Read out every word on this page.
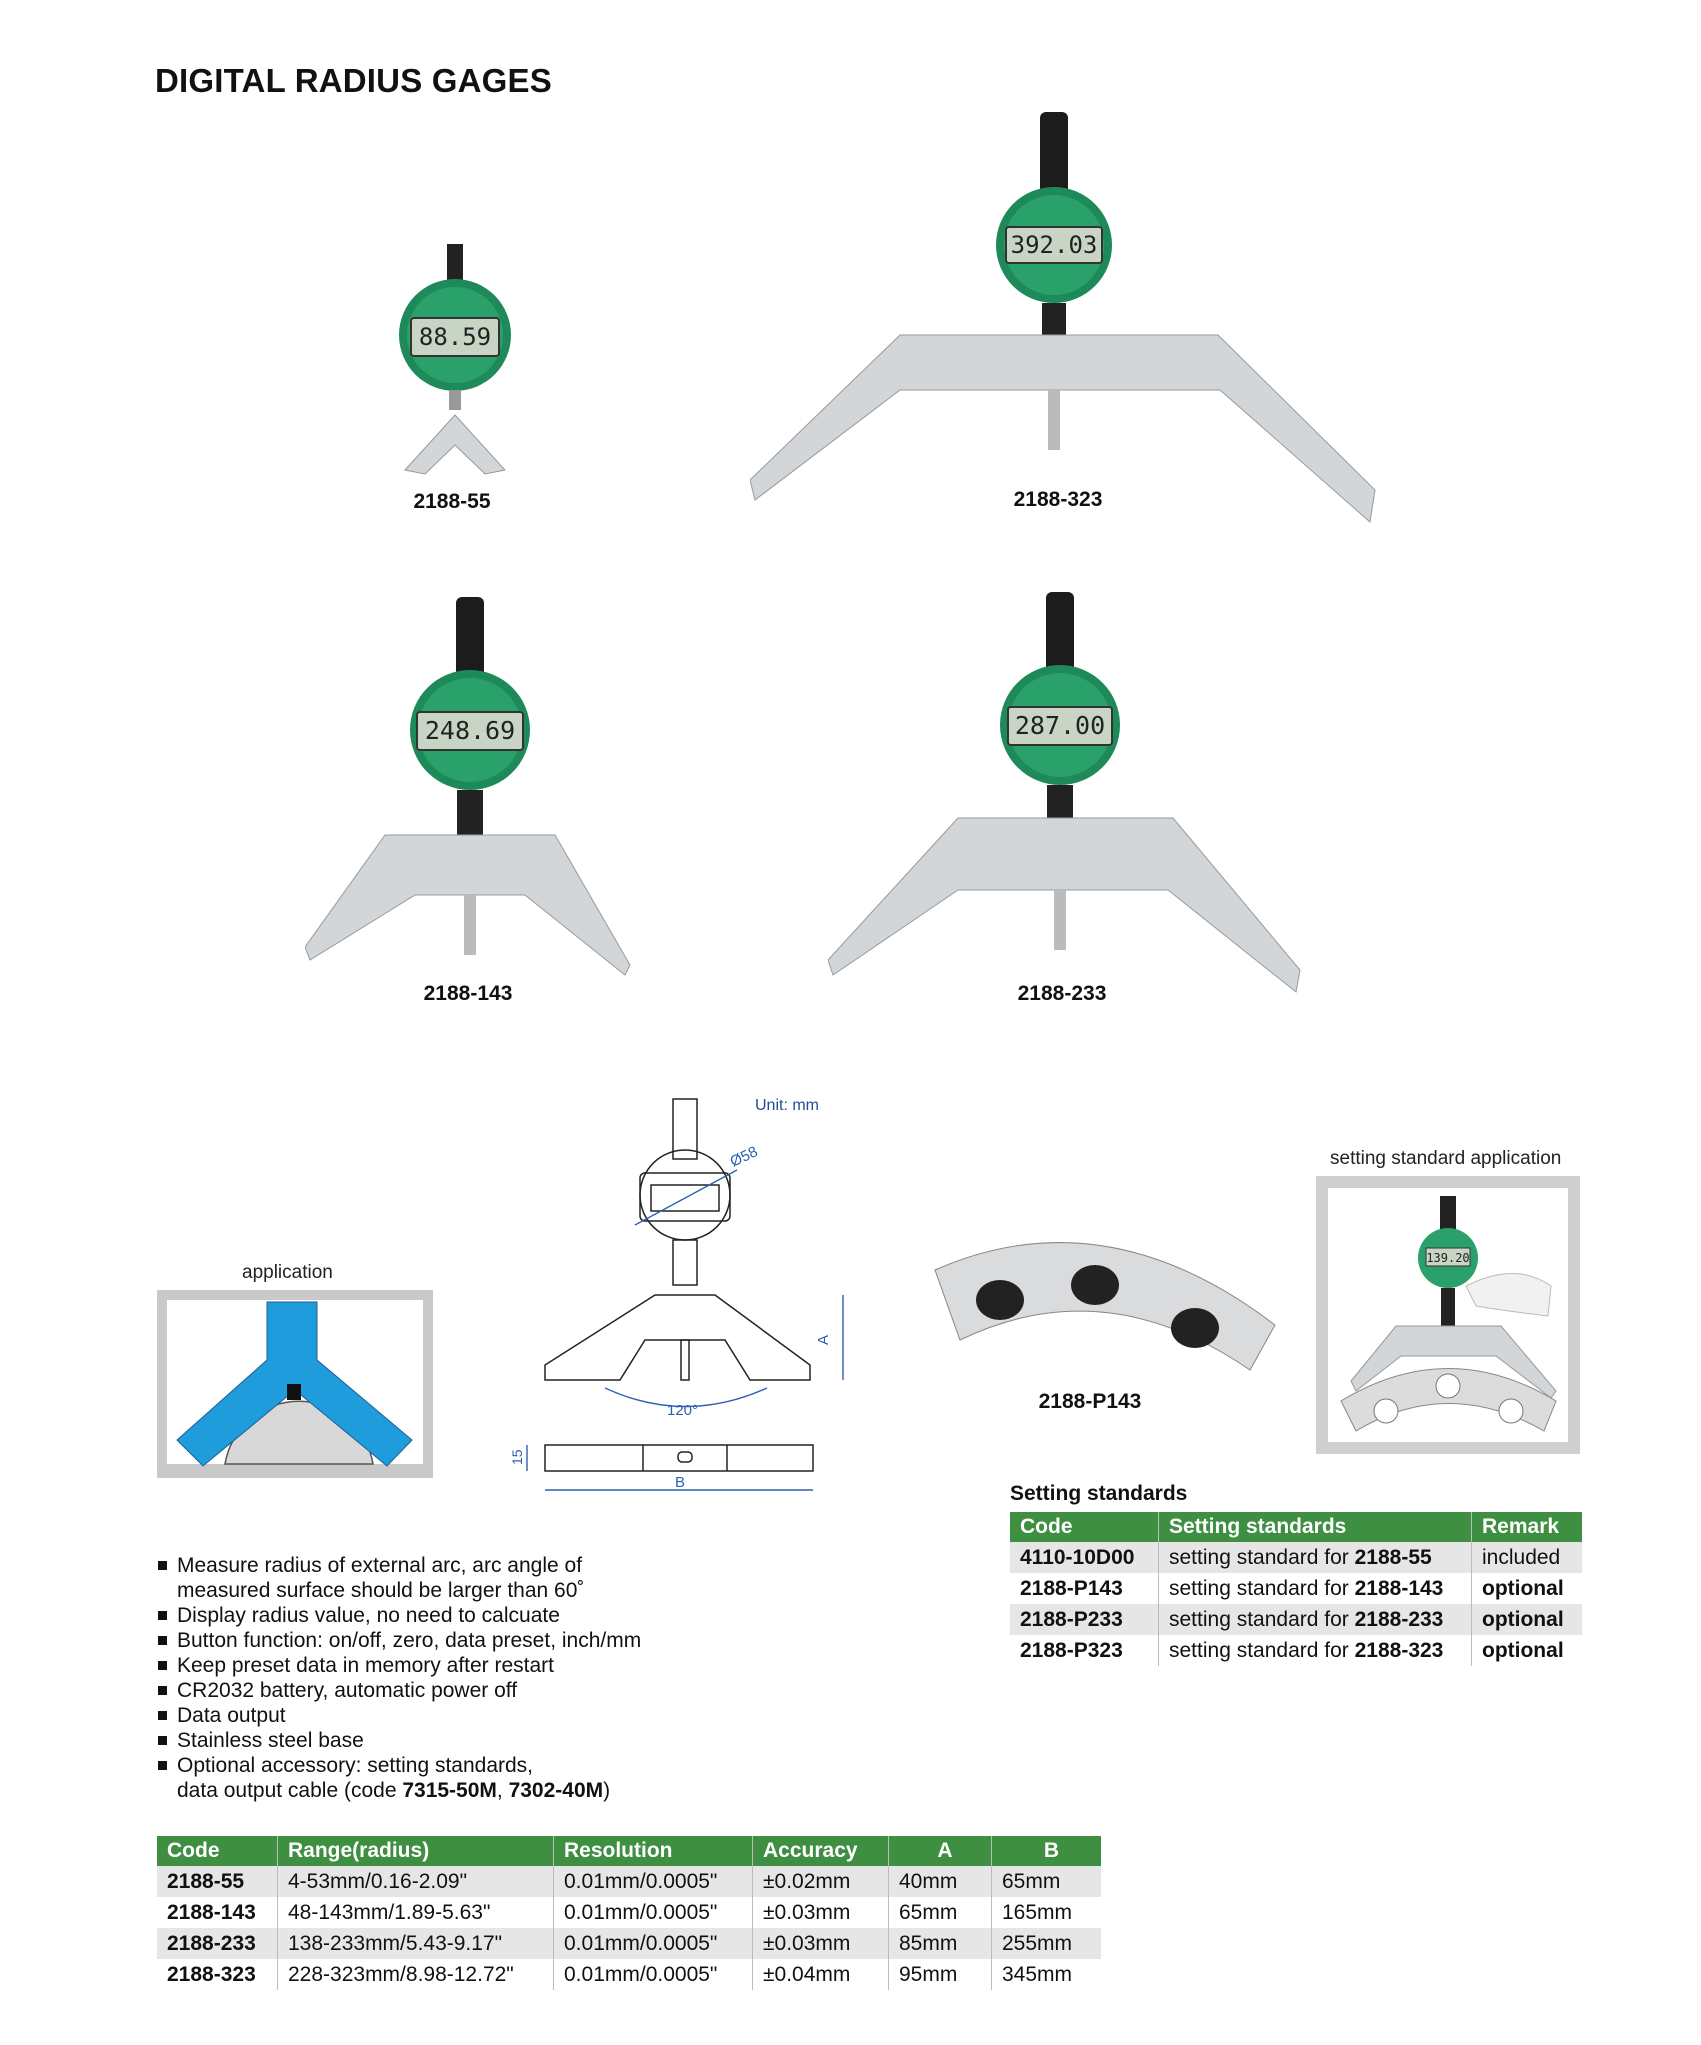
DIGITAL RADIUS GAGES
88.59
2188-55
392.03
2188-323
248.69
2188-143
287.00
2188-233
application
Unit: mm
Ø58
A
120°
B
15
2188-P143
setting standard application
139.20
Setting standards
Code	Setting standards	Remark
4110-10D00	setting standard for 2188-55	included
2188-P143	setting standard for 2188-143	optional
2188-P233	setting standard for 2188-233	optional
2188-P323	setting standard for 2188-323	optional
Measure radius of external arc, arc angle of measured surface should be larger than 60˚
Display radius value, no need to calcuate
Button function: on/off, zero, data preset, inch/mm
Keep preset data in memory after restart
CR2032 battery, automatic power off
Data output
Stainless steel base
Optional accessory: setting standards,
data output cable (code 7315-50M, 7302-40M)
Code	Range(radius)	Resolution	Accuracy	A	B
2188-55	4-53mm/0.16-2.09"	0.01mm/0.0005"	±0.02mm	40mm	65mm
2188-143	48-143mm/1.89-5.63"	0.01mm/0.0005"	±0.03mm	65mm	165mm
2188-233	138-233mm/5.43-9.17"	0.01mm/0.0005"	±0.03mm	85mm	255mm
2188-323	228-323mm/8.98-12.72"	0.01mm/0.0005"	±0.04mm	95mm	345mm
